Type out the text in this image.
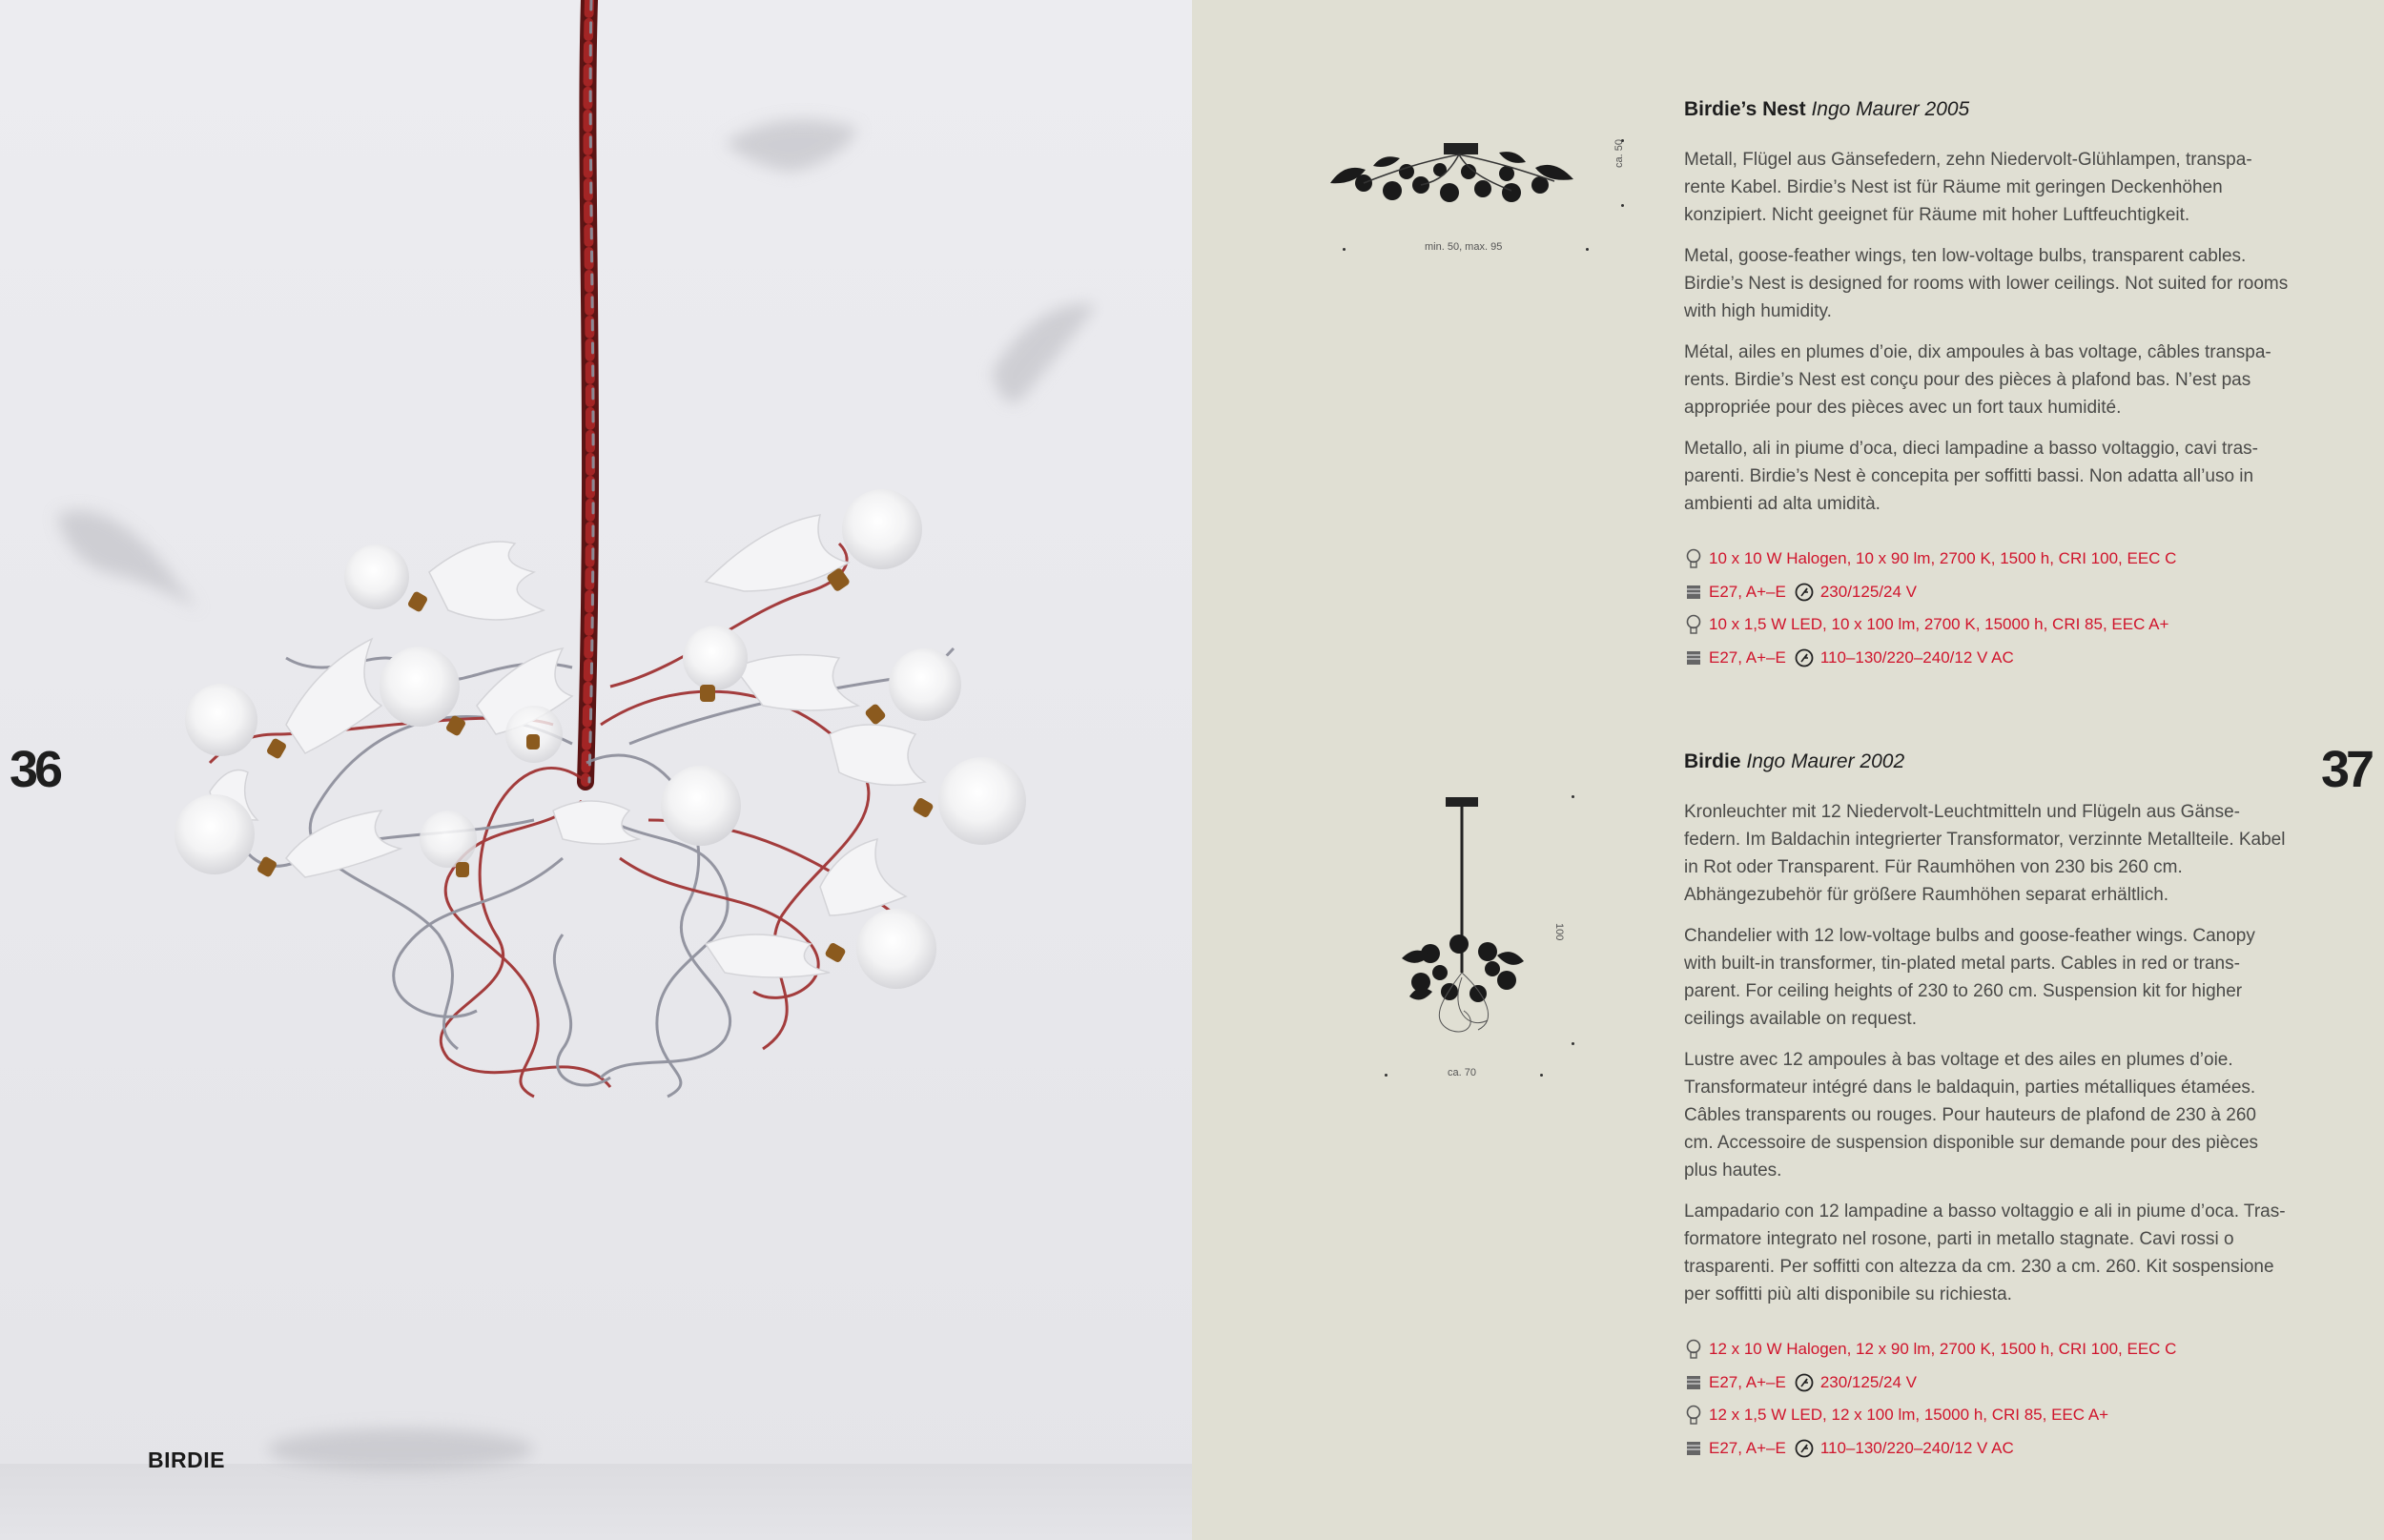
36
BIRDIE
37
min. 50, max. 95
ca. 50
100
ca. 70
Birdie’s Nest Ingo Maurer 2005

Metall, Flügel aus Gänsefedern, zehn Niedervolt-Glühlampen, transpa-rente Kabel. Birdie’s Nest ist für Räume mit geringen Deckenhöhen konzipiert. Nicht geeignet für Räume mit hoher Luftfeuchtigkeit.

Metal, goose-feather wings, ten low-voltage bulbs, transparent cables. Birdie’s Nest is designed for rooms with lower ceilings. Not suited for rooms with high humidity.

Métal, ailes en plumes d’oie, dix ampoules à bas voltage, câbles transpa-rents. Birdie’s Nest est conçu pour des pièces à plafond bas. N’est pas appropriée pour des pièces avec un fort taux humidité.

Metallo, ali in piume d’oca, dieci lampadine a basso voltaggio, cavi tras-parenti. Birdie’s Nest è concepita per soffitti bassi. Non adatta all’uso in ambienti ad alta umidità.

10 x 10 W Halogen, 10 x 90 lm, 2700 K, 1500 h, CRI 100, EEC C
E27, A+–E 230/125/24 V
10 x 1,5 W LED, 10 x 100 lm, 2700 K, 15000 h, CRI 85, EEC A+
E27, A+–E 110–130/220–240/12 V AC
Birdie Ingo Maurer 2002

Kronleuchter mit 12 Niedervolt-Leuchtmitteln und Flügeln aus Gänse-federn. Im Baldachin integrierter Transformator, verzinnte Metallteile. Kabel in Rot oder Transparent. Für Raumhöhen von 230 bis 260 cm. Abhängezubehör für größere Raumhöhen separat erhältlich.

Chandelier with 12 low-voltage bulbs and goose-feather wings. Canopy with built-in transformer, tin-plated metal parts. Cables in red or trans-parent. For ceiling heights of 230 to 260 cm. Suspension kit for higher ceilings available on request.

Lustre avec 12 ampoules à bas voltage et des ailes en plumes d’oie. Transformateur intégré dans le baldaquin, parties métalliques étamées. Câbles transparents ou rouges. Pour hauteurs de plafond de 230 à 260 cm. Accessoire de suspension disponible sur demande pour des pièces plus hautes.

Lampadario con 12 lampadine a basso voltaggio e ali in piume d’oca. Tras-formatore integrato nel rosone, parti in metallo stagnate. Cavi rossi o trasparenti. Per soffitti con altezza da cm. 230 a cm. 260. Kit sospensione per soffitti più alti disponibile su richiesta.

12 x 10 W Halogen, 12 x 90 lm, 2700 K, 1500 h, CRI 100, EEC C
E27, A+–E 230/125/24 V
12 x 1,5 W LED, 12 x 100 lm, 15000 h, CRI 85, EEC A+
E27, A+–E 110–130/220–240/12 V AC
